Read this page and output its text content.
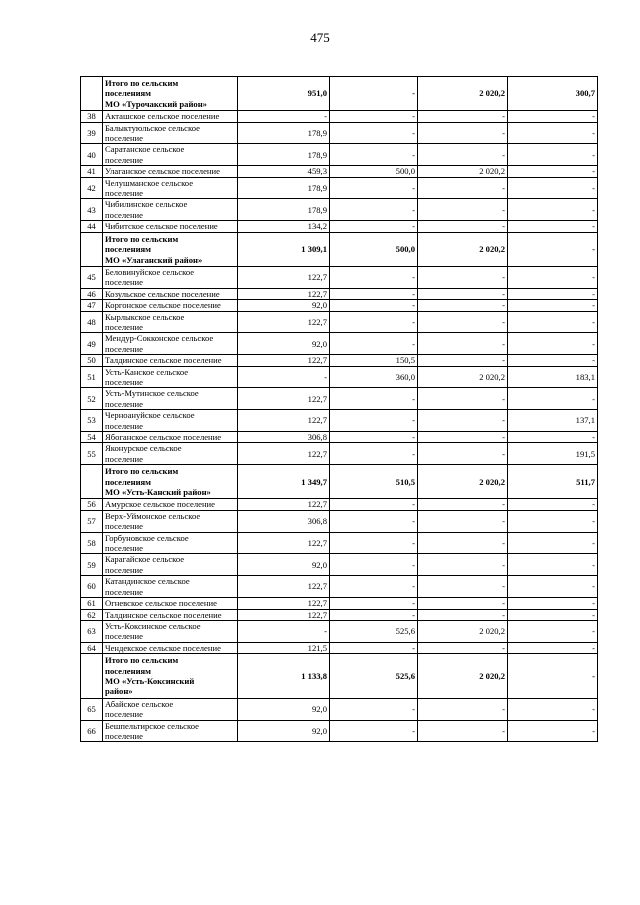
475

	Итого по сельским
поселениям
МО «Турочакский район»	951,0	-	2 020,2	300,7
38	Акташское сельское поселение	-	-	-	-
39	Балыктуюльское сельское
поселение	178,9	-	-	-
40	Саратанское сельское
поселение	178,9	-	-	-
41	Улаганское сельское поселение	459,3	500,0	2 020,2	-
42	Челушманское сельское
поселение	178,9	-	-	-
43	Чибилинское сельское
поселение	178,9	-	-	-
44	Чибитское сельское поселение	134,2	-	-	-

	Итого по сельским
поселениям
МО «Улаганский район»	1 309,1	500,0	2 020,2	-
45	Беловинуйское сельское
поселение	122,7	-	-	-
46	Козульское сельское поселение	122,7	-	-	-
47	Коргонское сельское поселение	92,0	-	-	-
48	Кырлыкское сельское
поселение	122,7	-	-	-
49	Мендур-Сокконское сельское
поселение	92,0	-	-	-
50	Талдинское сельское поселение	122,7	150,5	-	-
51	Усть-Канское сельское
поселение	-	360,0	2 020,2	183,1
52	Усть-Мутинское сельское
поселение	122,7	-	-	-
53	Черноануйское сельское
поселение	122,7	-	-	137,1
54	Ябоганское сельское поселение	306,8	-	-	-
55	Яконурское сельское
поселение	122,7	-	-	191,5

	Итого по сельским
поселениям
МО «Усть-Канский район»	1 349,7	510,5	2 020,2	511,7
56	Амурское сельское поселение	122,7	-	-	-
57	Верх-Уймонское сельское
поселение	306,8	-	-	-
58	Горбуновское сельское
поселение	122,7	-	-	-
59	Карагайское сельское
поселение	92,0	-	-	-
60	Катандинское сельское
поселение	122,7	-	-	-
61	Огневское сельское поселение	122,7	-	-	-
62	Талдинское сельское поселение	122,7	-	-	-
63	Усть-Коксинское сельское
поселение	-	525,6	2 020,2	-
64	Чендекское сельское поселение	121,5	-	-	-

	Итого по сельским
поселениям
МО «Усть-Коксинский
район»	1 133,8	525,6	2 020,2	-
65	Абайское сельское
поселение	92,0	-	-	-
66	Бешпельтирское сельское
поселение	92,0	-	-	-
